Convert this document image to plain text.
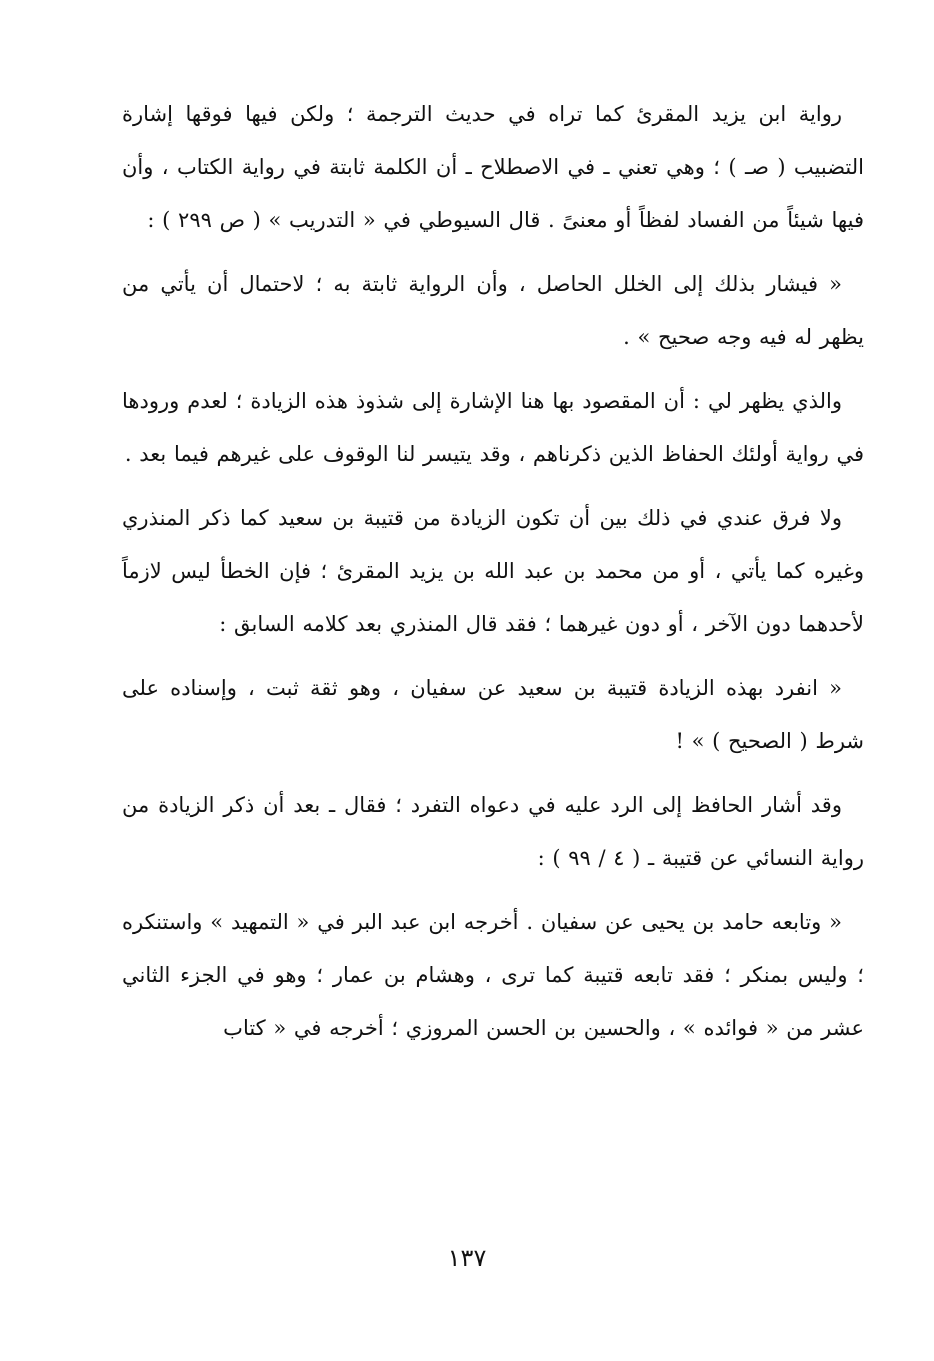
رواية ابن يزيد المقرئ كما تراه في حديث الترجمة ؛ ولكن فيها فوقها إشارة التضبيب ( صـ ) ؛ وهي تعني ـ في الاصطلاح ـ أن الكلمة ثابتة في رواية الكتاب ، وأن فيها شيئاً من الفساد لفظاً أو معنىً . قال السيوطي في « التدريب » ( ص ٢٩٩ ) :

« فيشار بذلك إلى الخلل الحاصل ، وأن الرواية ثابتة به ؛ لاحتمال أن يأتي من يظهر له فيه وجه صحيح » .

والذي يظهر لي : أن المقصود بها هنا الإشارة إلى شذوذ هذه الزيادة ؛ لعدم ورودها في رواية أولئك الحفاظ الذين ذكرناهم ، وقد يتيسر لنا الوقوف على غيرهم فيما بعد .

ولا فرق عندي في ذلك بين أن تكون الزيادة من قتيبة بن سعيد كما ذكر المنذري وغيره كما يأتي ، أو من محمد بن عبد الله بن يزيد المقرئ ؛ فإن الخطأ ليس لازماً لأحدهما دون الآخر ، أو دون غيرهما ؛ فقد قال المنذري بعد كلامه السابق :

« انفرد بهذه الزيادة قتيبة بن سعيد عن سفيان ، وهو ثقة ثبت ، وإسناده على شرط ( الصحيح ) » !

وقد أشار الحافظ إلى الرد عليه في دعواه التفرد ؛ فقال ـ بعد أن ذكر الزيادة من رواية النسائي عن قتيبة ـ ( ٤ / ٩٩ ) :

« وتابعه حامد بن يحيى عن سفيان . أخرجه ابن عبد البر في « التمهيد » واستنكره ؛ وليس بمنكر ؛ فقد تابعه قتيبة كما ترى ، وهشام بن عمار ؛ وهو في الجزء الثاني عشر من « فوائده » ، والحسين بن الحسن المروزي ؛ أخرجه في « كتاب

١٣٧
